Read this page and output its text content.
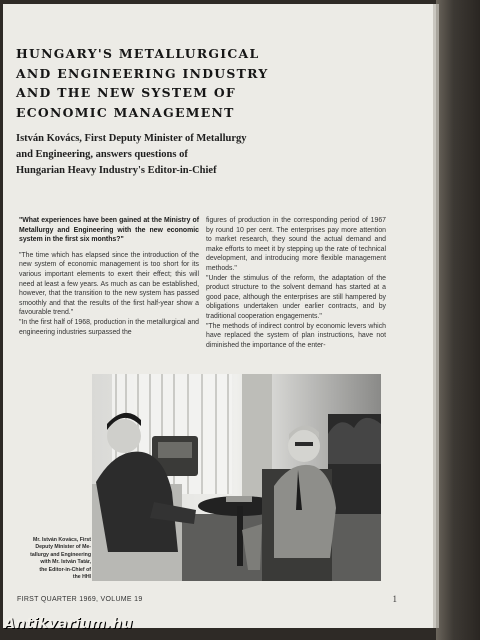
HUNGARY'S METALLURGICAL
AND ENGINEERING INDUSTRY
AND THE NEW SYSTEM OF
ECONOMIC MANAGEMENT
István Kovács, First Deputy Minister of Metallurgy
and Engineering, answers questions of
Hungarian Heavy Industry's Editor-in-Chief

"What experiences have been gained at the Ministry of Metallurgy and Engineering with the new economic system in the first six months?"

"The time which has elapsed since the introduction of the new system of economic management is too short for its various important elements to exert their effect; this will need at least a few years. As much as can be established, however, that the transition to the new system has passed smoothly and that the results of the first half-year show a favourable trend."

"In the first half of 1968, production in the metallurgical and engineering industries surpassed the

figures of production in the corresponding period of 1967 by round 10 per cent. The enterprises pay more attention to market research, they sound the actual demand and make efforts to meet it by stepping up the rate of technical development, and introducing more flexible management methods."

"Under the stimulus of the reform, the adaptation of the product structure to the solvent demand has started at a good pace, although the enterprises are still hampered by obligations undertaken under earlier contracts, and by traditional cooperation engagements."

"The methods of indirect control by economic levers which have replaced the system of plan instructions, have not diminished the importance of the enter-

Mr. István Kovács, First
Deputy Minister of Me-
tallurgy and Engineering
with Mr. István Tatár,
the Editor-in-Chief of
the HHI
FIRST QUARTER 1969, VOLUME 19	1
Antikvarium.hu
